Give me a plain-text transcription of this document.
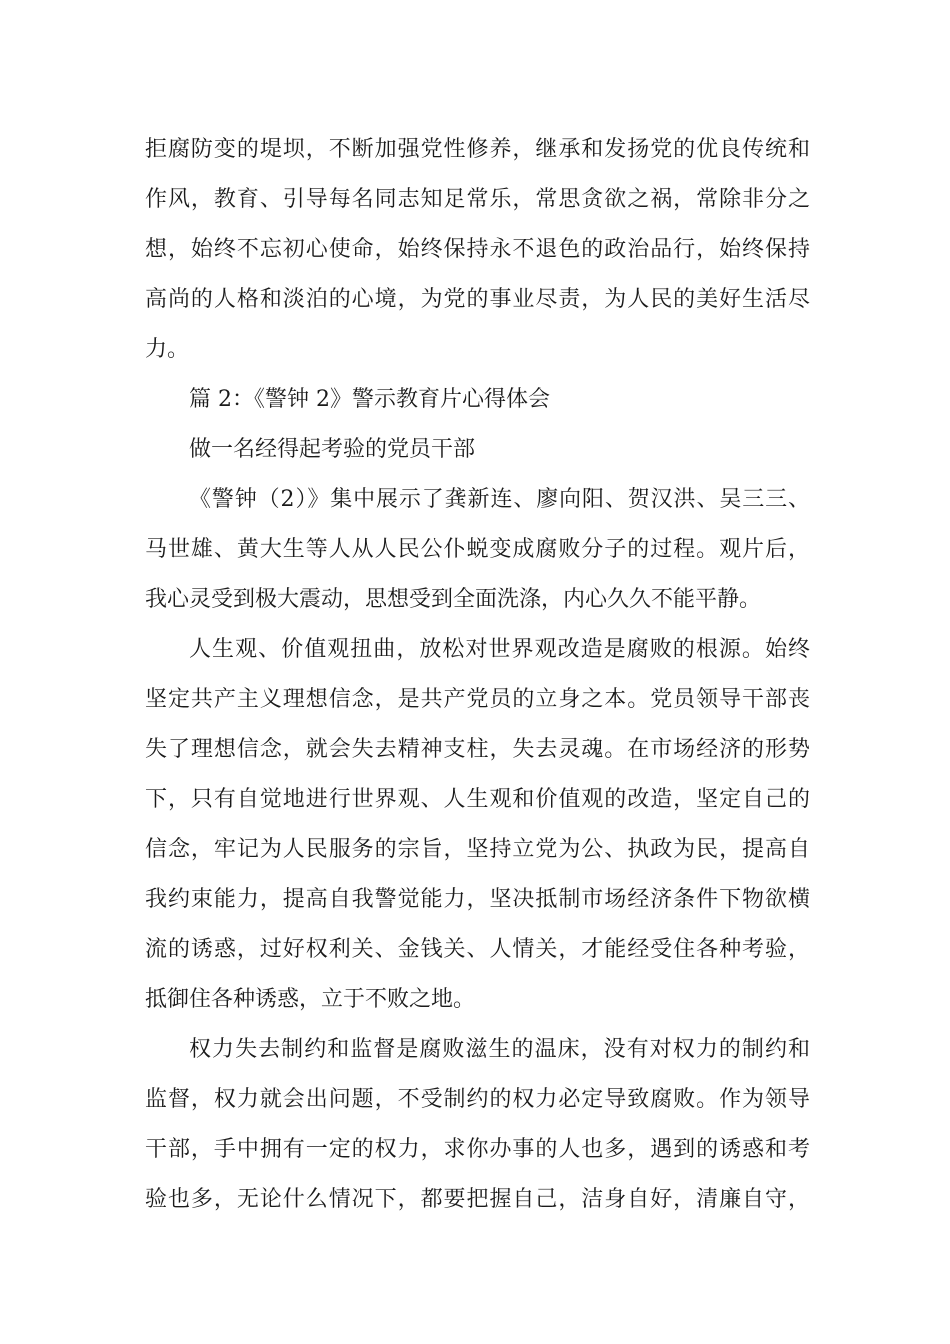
拒腐防变的堤坝，不断加强党性修养，继承和发扬党的优良传统和
作风，教育、引导每名同志知足常乐，常思贪欲之祸，常除非分之
想，始终不忘初心使命，始终保持永不退色的政治品行，始终保持
高尚的人格和淡泊的心境，为党的事业尽责，为人民的美好生活尽
力。
篇 2：《警钟 2》警示教育片心得体会
做一名经得起考验的党员干部
《警钟（2）》集中展示了龚新连、廖向阳、贺汉洪、吴三三、
马世雄、黄大生等人从人民公仆蜕变成腐败分子的过程。观片后，
我心灵受到极大震动，思想受到全面洗涤，内心久久不能平静。
人生观、价值观扭曲，放松对世界观改造是腐败的根源。始终
坚定共产主义理想信念，是共产党员的立身之本。党员领导干部丧
失了理想信念，就会失去精神支柱，失去灵魂。在市场经济的形势
下，只有自觉地进行世界观、人生观和价值观的改造，坚定自己的
信念，牢记为人民服务的宗旨，坚持立党为公、执政为民，提高自
我约束能力，提高自我警觉能力，坚决抵制市场经济条件下物欲横
流的诱惑，过好权利关、金钱关、人情关，才能经受住各种考验，
抵御住各种诱惑，立于不败之地。
权力失去制约和监督是腐败滋生的温床，没有对权力的制约和
监督，权力就会出问题，不受制约的权力必定导致腐败。作为领导
干部，手中拥有一定的权力，求你办事的人也多，遇到的诱惑和考
验也多，无论什么情况下，都要把握自己，洁身自好，清廉自守，
